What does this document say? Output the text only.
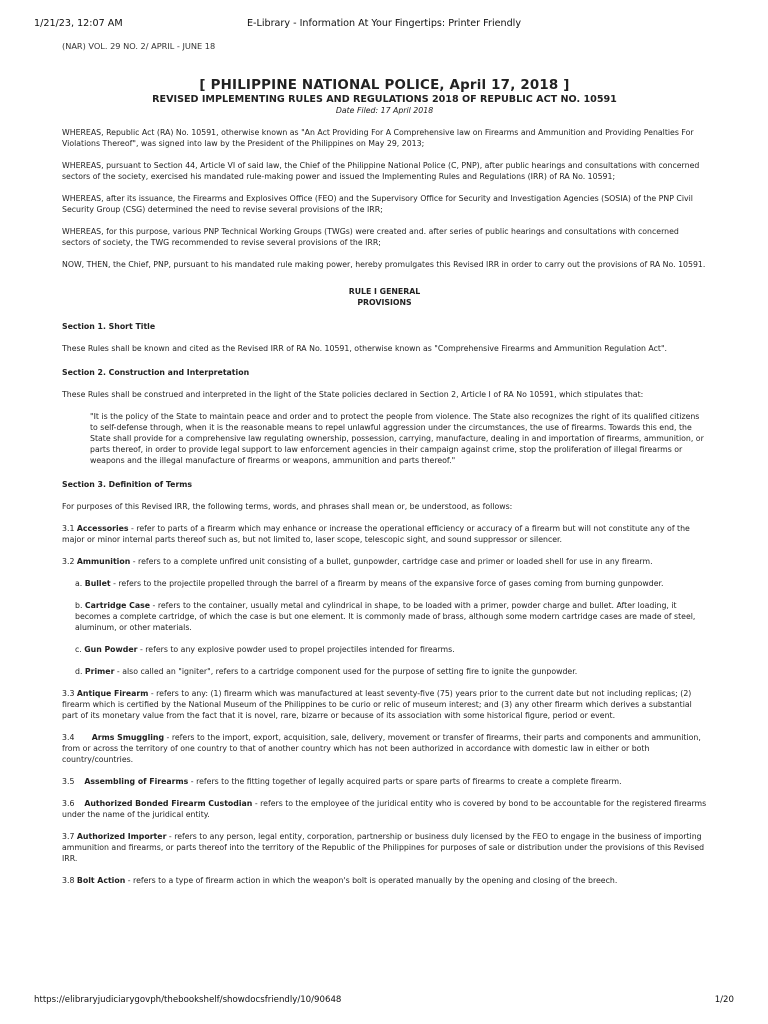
1/21/23, 12:07 AM	E-Library - Information At Your Fingertips: Printer Friendly
(NAR) VOL. 29 NO. 2/ APRIL - JUNE 18

[ PHILIPPINE NATIONAL POLICE, April 17, 2018 ]

REVISED IMPLEMENTING RULES AND REGULATIONS 2018 OF REPUBLIC ACT NO. 10591

Date Filed: 17 April 2018

WHEREAS, Republic Act (RA) No. 10591, otherwise known as "An Act Providing For A Comprehensive law on Firearms and Ammunition and Providing Penalties For Violations Thereof", was signed into law by the President of the Philippines on May 29, 2013;

WHEREAS, pursuant to Section 44, Article VI of said law, the Chief of the Philippine National Police (C, PNP), after public hearings and consultations with concerned sectors of the society, exercised his mandated rule-making power and issued the Implementing Rules and Regulations (IRR) of RA No. 10591;

WHEREAS, after its issuance, the Firearms and Explosives Office (FEO) and the Supervisory Office for Security and Investigation Agencies (SOSIA) of the PNP Civil Security Group (CSG) determined the need to revise several provisions of the IRR;

WHEREAS, for this purpose, various PNP Technical Working Groups (TWGs) were created and. after series of public hearings and consultations with concerned sectors of society, the TWG recommended to revise several provisions of the IRR;

NOW, THEN, the Chief, PNP, pursuant to his mandated rule making power, hereby promulgates this Revised IRR in order to carry out the provisions of RA No. 10591.

RULE I GENERAL
PROVISIONS

Section 1. Short Title

These Rules shall be known and cited as the Revised IRR of RA No. 10591, otherwise known as "Comprehensive Firearms and Ammunition Regulation Act".

Section 2. Construction and Interpretation

These Rules shall be construed and interpreted in the light of the State policies declared in Section 2, Article I of RA No 10591, which stipulates that:

"It is the policy of the State to maintain peace and order and to protect the people from violence. The State also recognizes the right of its qualified citizens to self-defense through, when it is the reasonable means to repel unlawful aggression under the circumstances, the use of firearms. Towards this end, the State shall provide for a comprehensive law regulating ownership, possession, carrying, manufacture, dealing in and importation of firearms, ammunition, or parts thereof, in order to provide legal support to law enforcement agencies in their campaign against crime, stop the proliferation of illegal firearms or weapons and the illegal manufacture of firearms or weapons, ammunition and parts thereof."

Section 3. Definition of Terms

For purposes of this Revised IRR, the following terms, words, and phrases shall mean or, be understood, as follows:

3.1 Accessories - refer to parts of a firearm which may enhance or increase the operational efficiency or accuracy of a firearm but will not constitute any of the major or minor internal parts thereof such as, but not limited to, laser scope, telescopic sight, and sound suppressor or silencer.

3.2 Ammunition - refers to a complete unfired unit consisting of a bullet, gunpowder, cartridge case and primer or loaded shell for use in any firearm.

a. Bullet - refers to the projectile propelled through the barrel of a firearm by means of the expansive force of gases coming from burning gunpowder.

b. Cartridge Case - refers to the container, usually metal and cylindrical in shape, to be loaded with a primer, powder charge and bullet. After loading, it becomes a complete cartridge, of which the case is but one element. It is commonly made of brass, although some modern cartridge cases are made of steel, aluminum, or other materials.

c. Gun Powder - refers to any explosive powder used to propel projectiles intended for firearms.

d. Primer - also called an "igniter", refers to a cartridge component used for the purpose of setting fire to ignite the gunpowder.

3.3 Antique Firearm - refers to any: (1) firearm which was manufactured at least seventy-five (75) years prior to the current date but not including replicas; (2) firearm which is certified by the National Museum of the Philippines to be curio or relic of museum interest; and (3) any other firearm which derives a substantial part of its monetary value from the fact that it is novel, rare, bizarre or because of its association with some historical figure, period or event.

3.4 Arms Smuggling - refers to the import, export, acquisition, sale, delivery, movement or transfer of firearms, their parts and components and ammunition, from or across the territory of one country to that of another country which has not been authorized in accordance with domestic law in either or both country/countries.

3.5 Assembling of Firearms - refers to the fitting together of legally acquired parts or spare parts of firearms to create a complete firearm.

3.6 Authorized Bonded Firearm Custodian - refers to the employee of the juridical entity who is covered by bond to be accountable for the registered firearms under the name of the juridical entity.

3.7 Authorized Importer - refers to any person, legal entity, corporation, partnership or business duly licensed by the FEO to engage in the business of importing ammunition and firearms, or parts thereof into the territory of the Republic of the Philippines for purposes of sale or distribution under the provisions of this Revised IRR.

3.8 Bolt Action - refers to a type of firearm action in which the weapon's bolt is operated manually by the opening and closing of the breech.

https://elibraryjudiciarygovph/thebookshelf/showdocsfriendly/10/90648	1/20
